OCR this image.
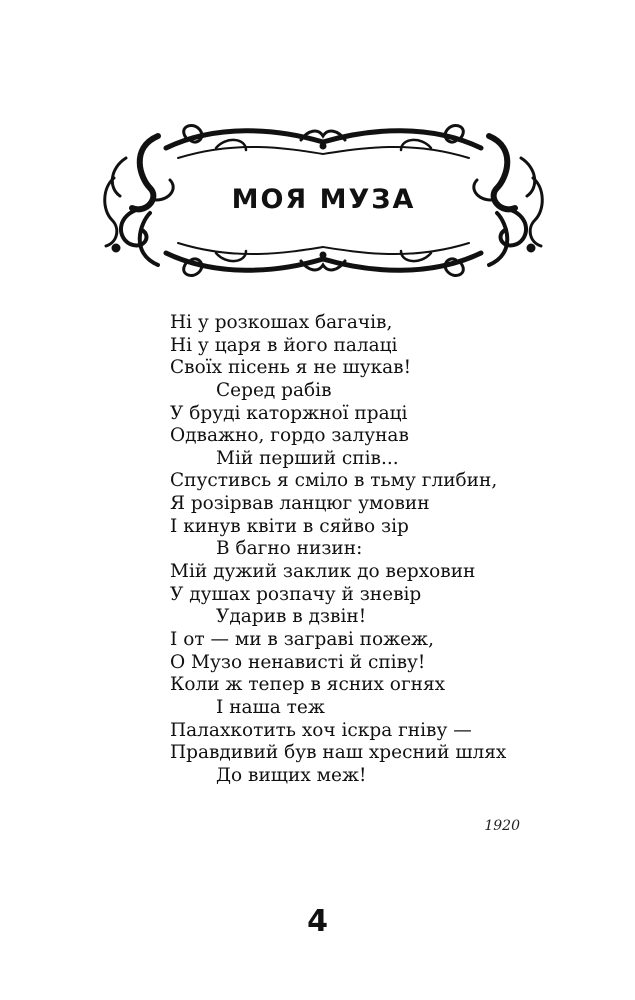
МОЯ МУЗА
Ні у розкошах багачів,
Ні у царя в його палаці
Своїх пісень я не шукав!
Серед рабів
У бруді каторжної праці
Одважно, гордо залунав
Мій перший спів...
Спустивсь я сміло в тьму глибин,
Я розірвав ланцюг умовин
І кинув квіти в сяйво зір
В багно низин:
Мій дужий заклик до верховин
У душах розпачу й зневір
Ударив в дзвін!
І от — ми в заграві пожеж,
О Музо ненависті й співу!
Коли ж тепер в ясних огнях
І наша теж
Палахкотить хоч іскра гніву —
Правдивий був наш хресний шлях
До вищих меж!
1920
4
